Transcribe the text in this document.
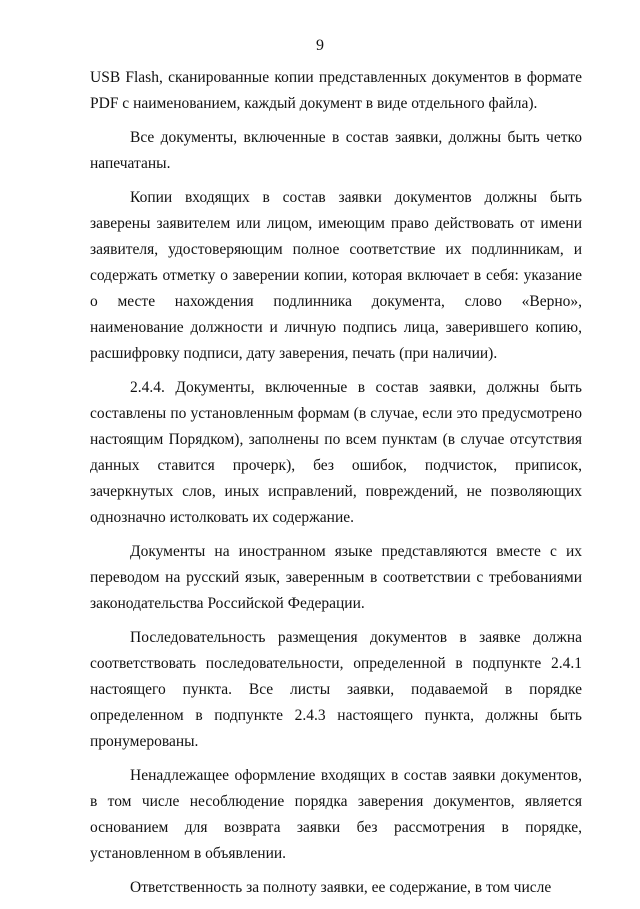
9

USB Flash, сканированные копии представленных документов в формате PDF с наименованием, каждый документ в виде отдельного файла).

Все документы, включенные в состав заявки, должны быть четко напечатаны.

Копии входящих в состав заявки документов должны быть заверены заявителем или лицом, имеющим право действовать от имени заявителя, удостоверяющим полное соответствие их подлинникам, и содержать отметку о заверении копии, которая включает в себя: указание о месте нахождения подлинника документа, слово «Верно», наименование должности и личную подпись лица, заверившего копию, расшифровку подписи, дату заверения, печать (при наличии).

2.4.4. Документы, включенные в состав заявки, должны быть составлены по установленным формам (в случае, если это предусмотрено настоящим Порядком), заполнены по всем пунктам (в случае отсутствия данных ставится прочерк), без ошибок, подчисток, приписок, зачеркнутых слов, иных исправлений, повреждений, не позволяющих однозначно истолковать их содержание.

Документы на иностранном языке представляются вместе с их переводом на русский язык, заверенным в соответствии с требованиями законодательства Российской Федерации.

Последовательность размещения документов в заявке должна соответствовать последовательности, определенной в подпункте 2.4.1 настоящего пункта. Все листы заявки, подаваемой в порядке определенном в подпункте 2.4.3 настоящего пункта, должны быть пронумерованы.

Ненадлежащее оформление входящих в состав заявки документов, в том числе несоблюдение порядка заверения документов, является основанием для возврата заявки без рассмотрения в порядке, установленном в объявлении.

Ответственность за полноту заявки, ее содержание, в том числе
